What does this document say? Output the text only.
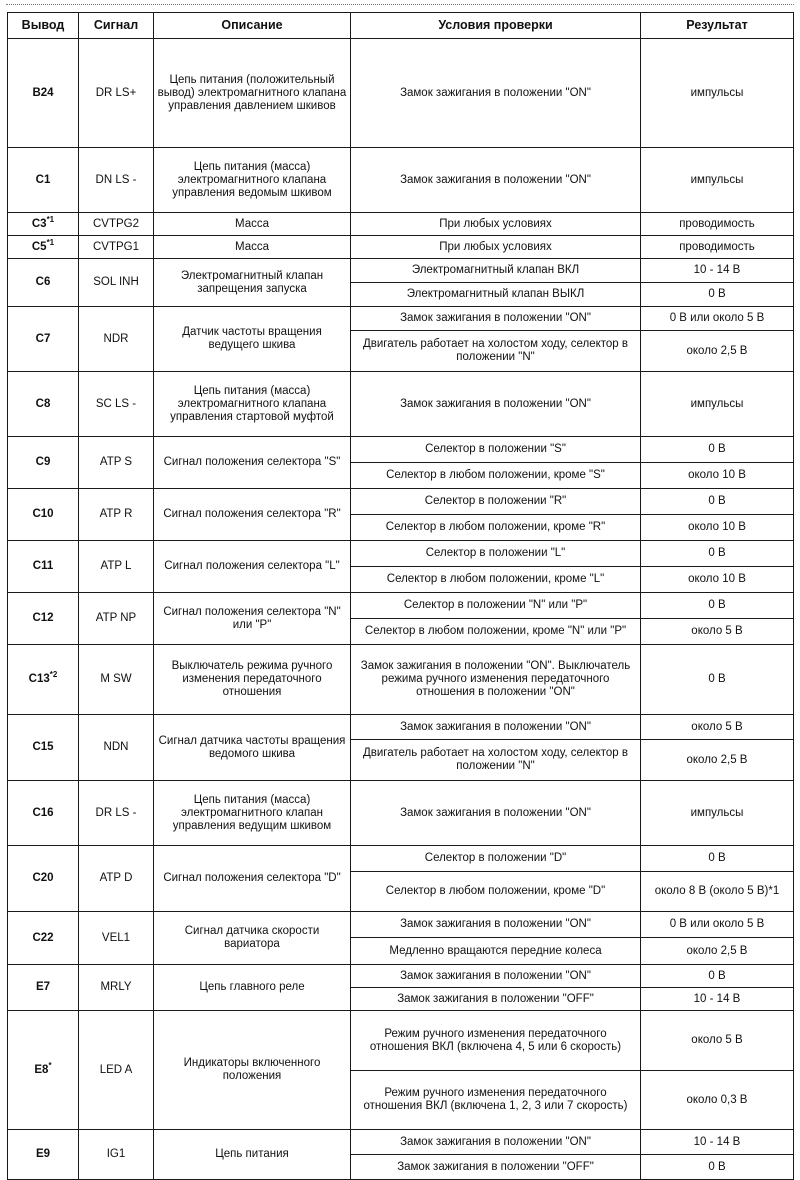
Вывод	Сигнал	Описание	Условия проверки	Результат
B24	DR LS+	Цепь питания (положительный вывод) электромагнитного клапана управления давлением шкивов	Замок зажигания в положении "ON"	импульсы
C1	DN LS -	Цепь питания (масса) электромагнитного клапана управления ведомым шкивом	Замок зажигания в положении "ON"	импульсы
C3$^{*1}$	CVTPG2	Масса	При любых условиях	проводимость
C5$^{*1}$	CVTPG1	Масса	При любых условиях	проводимость
C6	SOL INH	Электромагнитный клапан запрещения запуска	Электромагнитный клапан ВКЛ	10 - 14 В
			Электромагнитный клапан ВЫКЛ	0 В
C7	NDR	Датчик частоты вращения ведущего шкива	Замок зажигания в положении "ON"	0 В или около 5 В
			Двигатель работает на холостом ходу, селектор в положении "N"	около 2,5 В
C8	SC LS -	Цепь питания (масса) электромагнитного клапана управления стартовой муфтой	Замок зажигания в положении "ON"	импульсы
C9	ATP S	Сигнал положения селектора "S"	Селектор в положении "S"	0 В
			Селектор в любом положении, кроме "S"	около 10 В
C10	ATP R	Сигнал положения селектора "R"	Селектор в положении "R"	0 В
			Селектор в любом положении, кроме "R"	около 10 В
C11	ATP L	Сигнал положения селектора "L"	Селектор в положении "L"	0 В
			Селектор в любом положении, кроме "L"	около 10 В
C12	ATP NP	Сигнал положения селектора "N" или "P"	Селектор в положении "N" или "P"	0 В
			Селектор в любом положении, кроме "N" или "P"	около 5 В
C13$^{*2}$	M SW	Выключатель режима ручного изменения передаточного отношения	Замок зажигания в положении "ON". Выключатель режима ручного изменения передаточного отношения в положении "ON"	0 В
C15	NDN	Сигнал датчика частоты вращения ведомого шкива	Замок зажигания в положении "ON"	около 5 В
			Двигатель работает на холостом ходу, селектор в положении "N"	около 2,5 В
C16	DR LS -	Цепь питания (масса) электромагнитного клапан управления ведущим шкивом	Замок зажигания в положении "ON"	импульсы
C20	ATP D	Сигнал положения селектора "D"	Селектор в положении "D"	0 В
			Селектор в любом положении, кроме "D"	около 8 В (около 5 В)*1
C22	VEL1	Сигнал датчика скорости вариатора	Замок зажигания в положении "ON"	0 В или около 5 В
			Медленно вращаются передние колеса	около 2,5 В
E7	MRLY	Цепь главного реле	Замок зажигания в положении "ON"	0 В
			Замок зажигания в положении "OFF"	10 - 14 В
E8*	LED A	Индикаторы включенного положения	Режим ручного изменения передаточного отношения ВКЛ (включена 4, 5 или 6 скорость)	около 5 В
			Режим ручного изменения передаточного отношения ВКЛ (включена 1, 2, 3 или 7 скорость)	около 0,3 В
E9	IG1	Цепь питания	Замок зажигания в положении "ON"	10 - 14 В
			Замок зажигания в положении "OFF"	0 В
